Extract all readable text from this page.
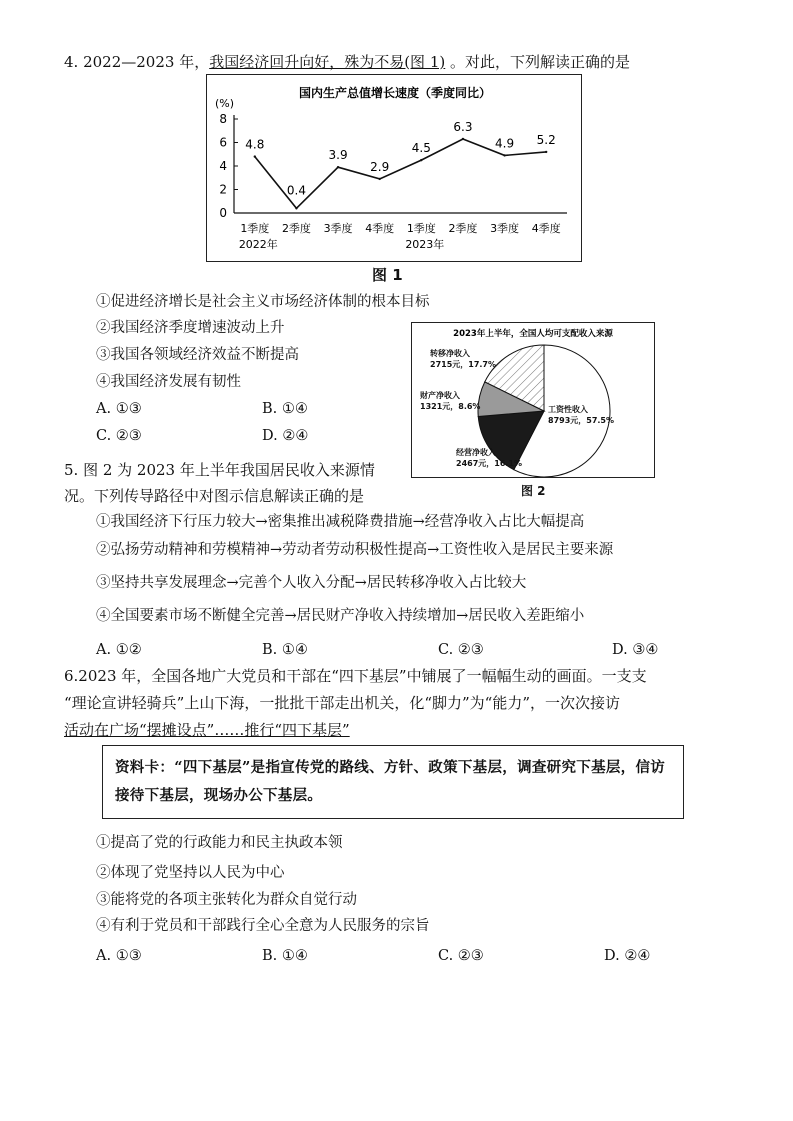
4. 2022—2023 年，我国经济回升向好，殊为不易(图 1) 。对此，下列解读正确的是
国内生产总值增长速度（季度同比）
(%)
0
2
4
6
8
1季度 2季度 3季度 4季度 1季度 2季度 3季度 4季度
2022年	2023年
4.8
0.4
3.9
2.9
4.5
6.3
4.9 5.2
图 1
①促进经济增长是社会主义市场经济体制的根本目标
②我国经济季度增速波动上升
③我国各领域经济效益不断提高
④我国经济发展有韧性
A. ①③	B. ①④
C. ②③	D. ②④
2023年上半年，全国人均可支配收入来源
工资性收入
8793元，57.5%
经营净收入
2467元，16.1%
财产净收入
1321元，8.6%
转移净收入
2715元，17.7%
图 2
5. 图 2 为 2023 年上半年我国居民收入来源情
况。下列传导路径中对图示信息解读正确的是
①我国经济下行压力较大→密集推出减税降费措施→经营净收入占比大幅提高
②弘扬劳动精神和劳模精神→劳动者劳动积极性提高→工资性收入是居民主要来源
③坚持共享发展理念→完善个人收入分配→居民转移净收入占比较大
④全国要素市场不断健全完善→居民财产净收入持续增加→居民收入差距缩小
A. ①②	B. ①④	C. ②③	D. ③④
6.2023 年，全国各地广大党员和干部在“四下基层”中铺展了一幅幅生动的画面。一支支
“理论宣讲轻骑兵”上山下海，一批批干部走出机关，化“脚力”为“能力”，一次次接访
活动在广场“摆摊设点”……推行“四下基层”
资料卡：“四下基层”是指宣传党的路线、方针、政策下基层，调查研究下基层，信访接待下基层，现场办公下基层。
①提高了党的行政能力和民主执政本领
②体现了党坚持以人民为中心
③能将党的各项主张转化为群众自觉行动
④有利于党员和干部践行全心全意为人民服务的宗旨
A. ①③	B. ①④	C. ②③	D. ②④
